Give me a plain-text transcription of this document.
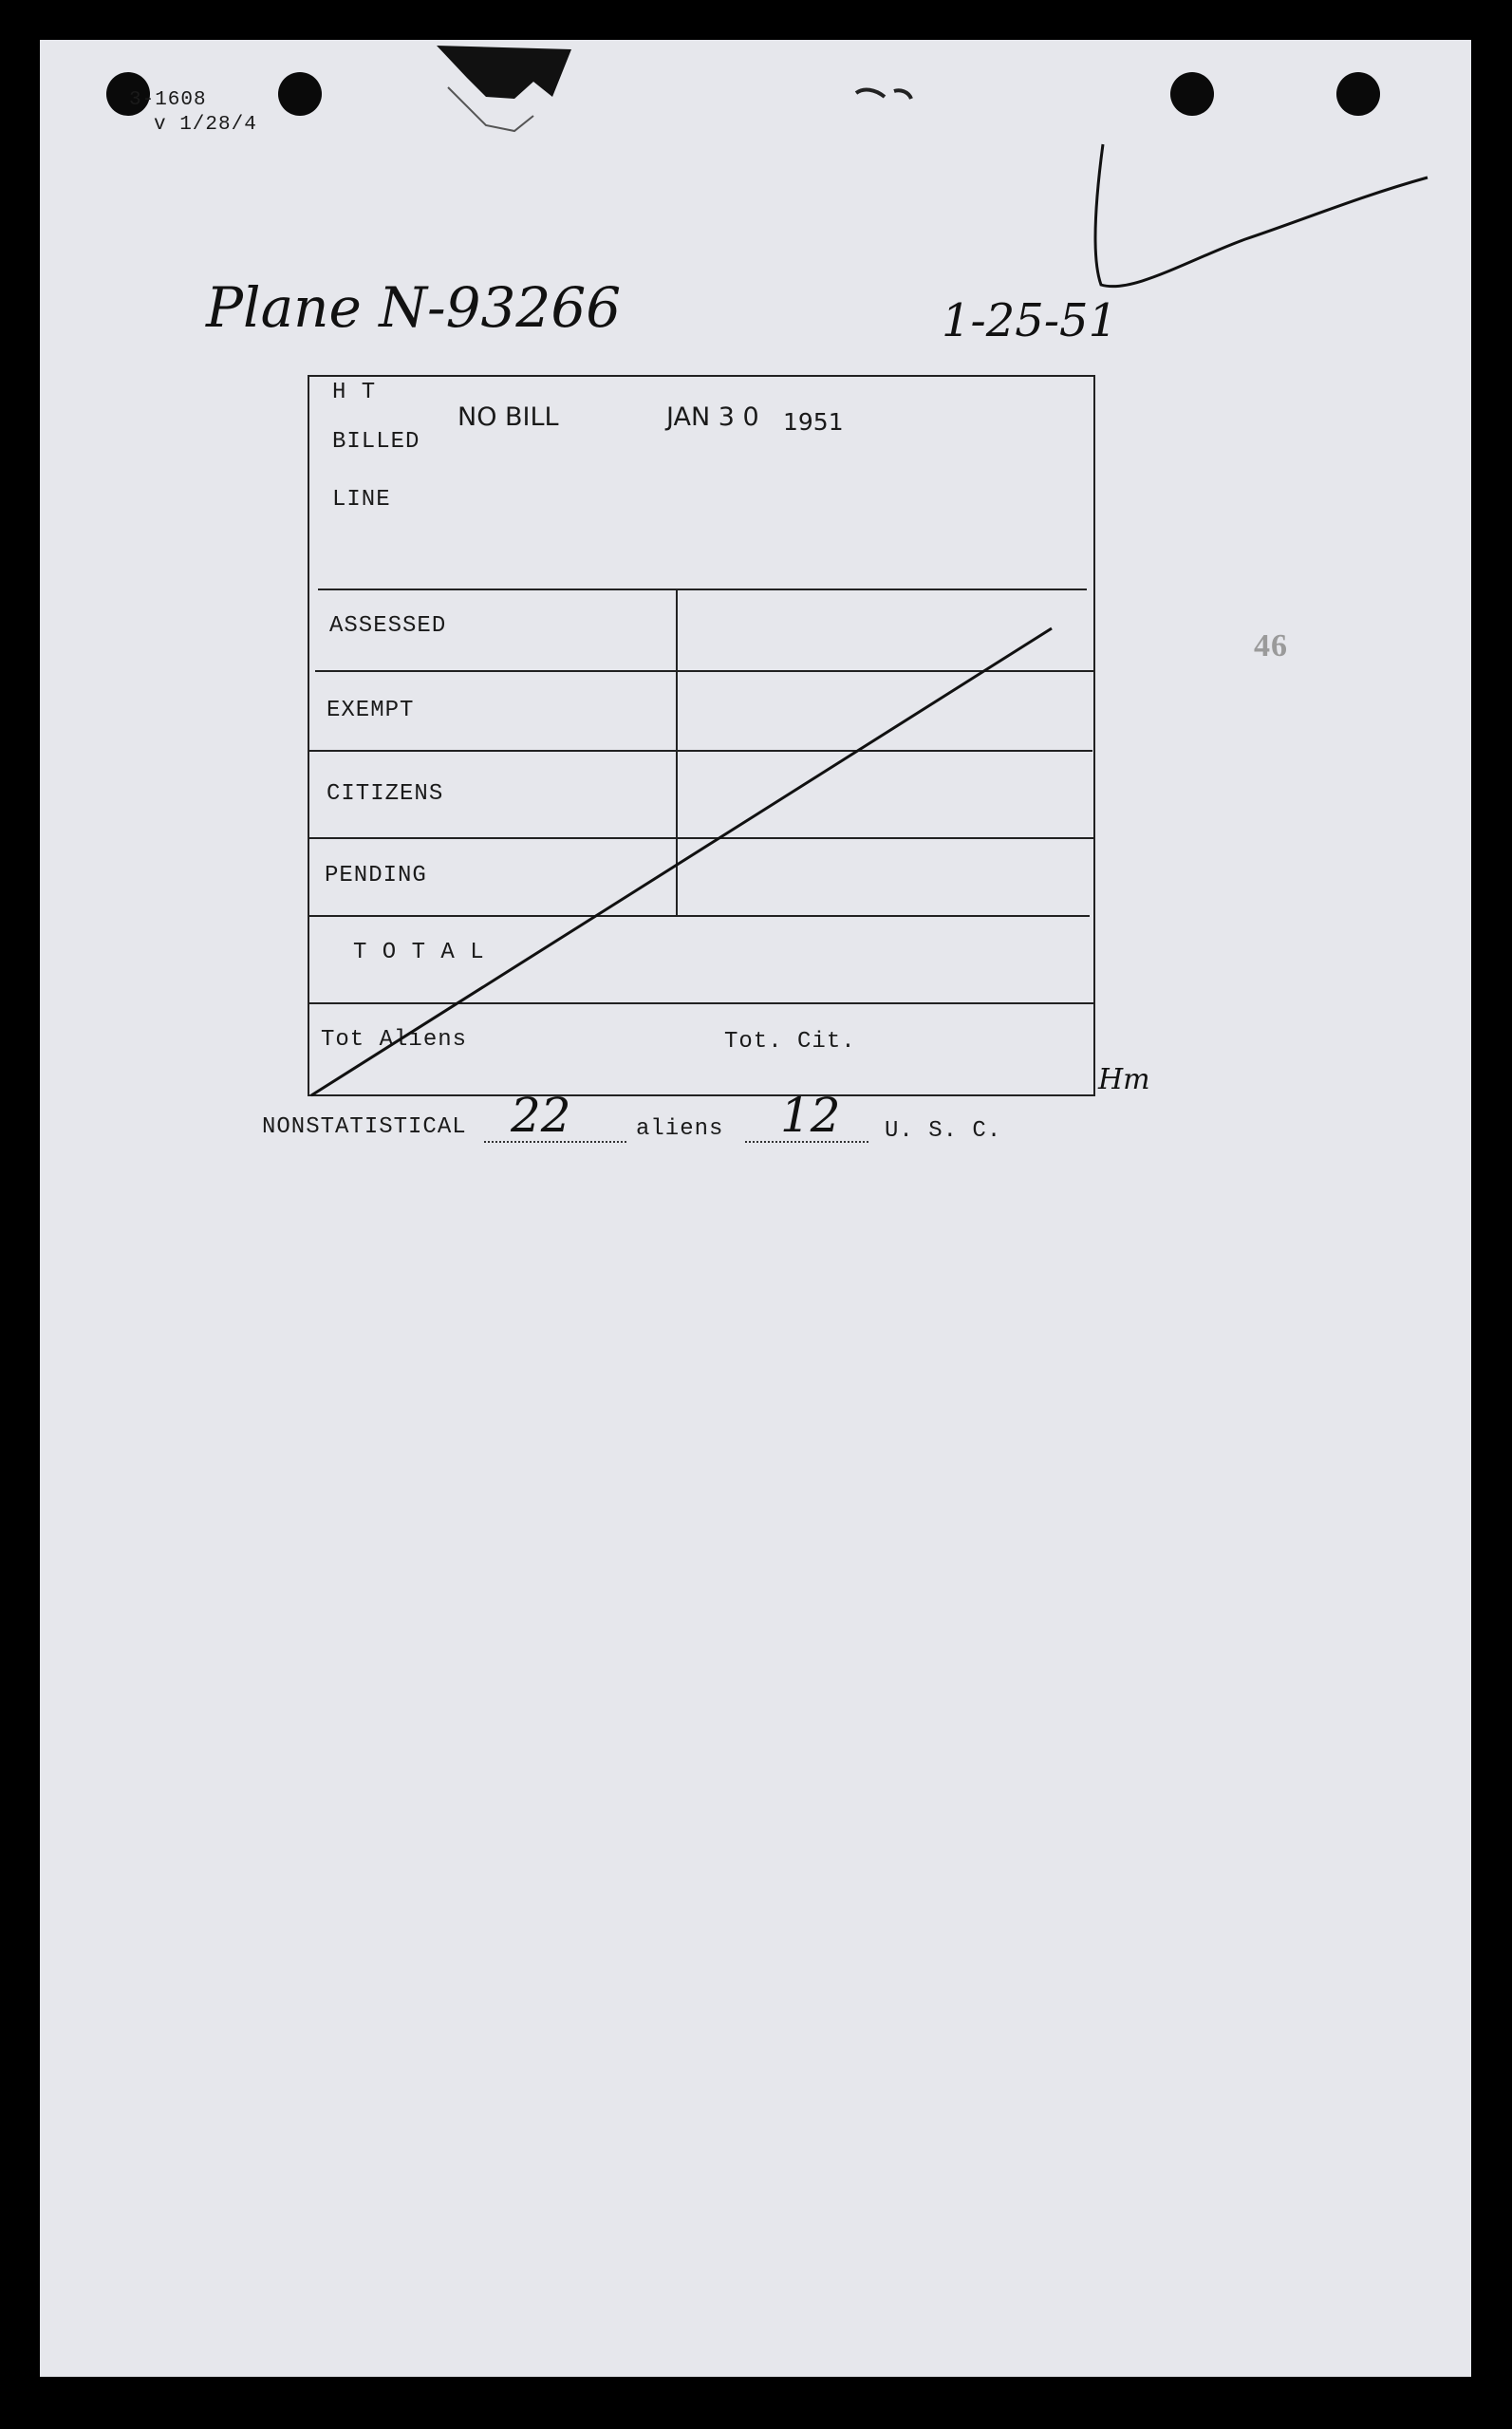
3-1608
v 1/28/4
Plane N-93266	1-25-51
H T
BILLED
LINE
NO BILL	JAN 3 0 1951
ASSESSED
EXEMPT
CITIZENS
PENDING
T O T A L
Tot Aliens	Tot. Cit.
Hm
46
NONSTATISTICAL 22	aliens 12 U. S. C.
